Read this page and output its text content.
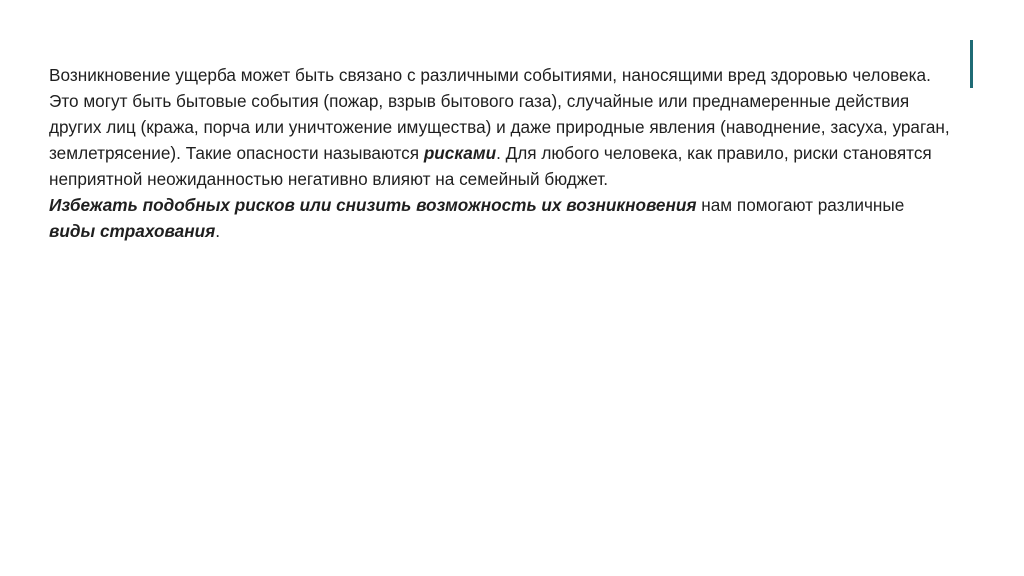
Возникновение ущерба может быть связано с различными событиями, наносящими вред здоровью человека.

Это могут быть бытовые события (пожар, взрыв бытового газа), случайные или преднамеренные действия других лиц (кража, порча или уничтожение имущества) и даже природные явления (наводнение, засуха, ураган, землетрясение). Такие опасности называются рисками. Для любого человека, как правило, риски становятся неприятной неожиданностью негативно влияют на семейный бюджет.

Избежать подобных рисков или снизить возможность их возникновения нам помогают различные виды страхования.
